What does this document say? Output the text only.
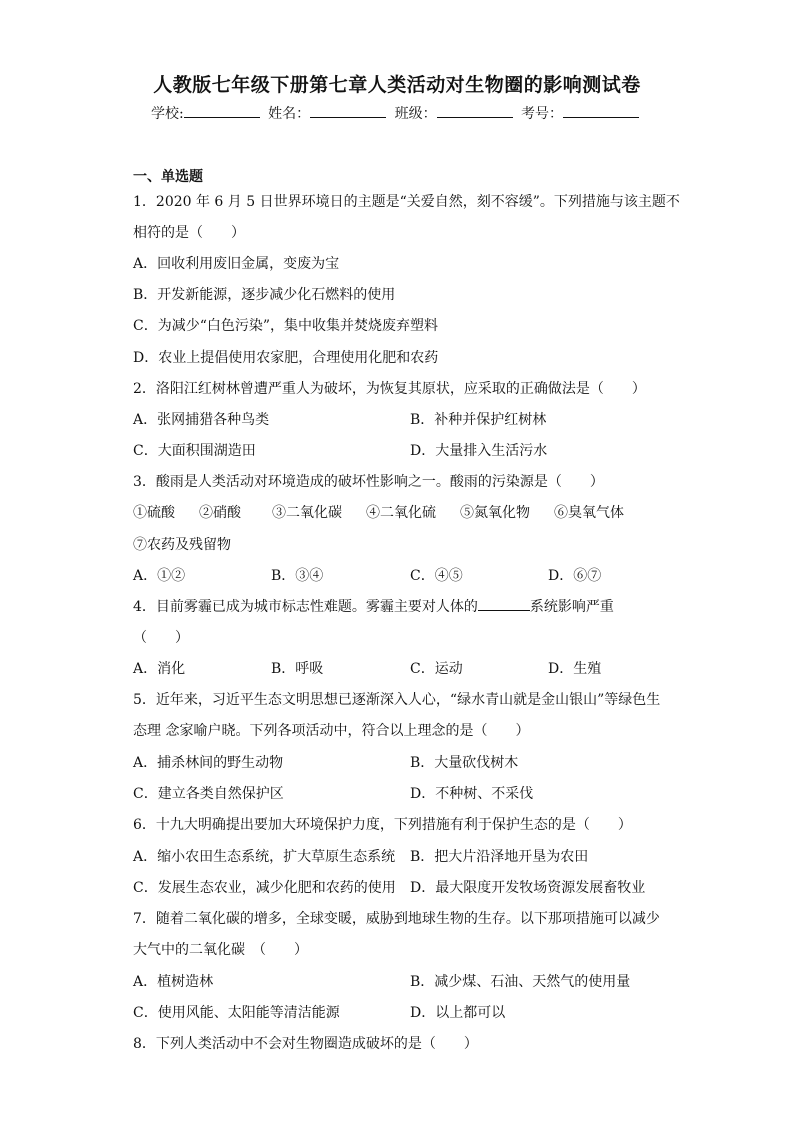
人教版七年级下册第七章人类活动对生物圈的影响测试卷
学校:	姓名：	班级：	考号：
一、单选题
1．2020 年 6 月 5 日世界环境日的主题是“关爱自然，刻不容缓”。下列措施与该主题不
相符的是（　　）
A．回收利用废旧金属，变废为宝
B．开发新能源，逐步减少化石燃料的使用
C．为减少“白色污染”，集中收集并焚烧废弃塑料
D．农业上提倡使用农家肥，合理使用化肥和农药
2．洛阳江红树林曾遭严重人为破坏，为恢复其原状，应采取的正确做法是（　　）
A．张网捕猎各种鸟类	B．补种并保护红树林
C．大面积围湖造田	D．大量排入生活污水
3．酸雨是人类活动对环境造成的破坏性影响之一。酸雨的污染源是（　　）
①硫酸 ②硝酸 ③二氧化碳 ④二氧化硫 ⑤氮氧化物 ⑥臭氧气体
⑦农药及残留物
A．①②	B．③④	C．④⑤	D．⑥⑦
4．目前雾霾已成为城市标志性难题。雾霾主要对人体的	系统影响严重
（　　）
A．消化	B．呼吸	C．运动	D．生殖
5．近年来，习近平生态文明思想已逐渐深入人心，“绿水青山就是金山银山”等绿色生
态理 念家喻户晓。下列各项活动中，符合以上理念的是（　　）
A．捕杀林间的野生动物	B．大量砍伐树木
C．建立各类自然保护区	D．不种树、不采伐
6．十九大明确提出要加大环境保护力度，下列措施有利于保护生态的是（　　）
A．缩小农田生态系统，扩大草原生态系统 B．把大片沿泽地开垦为农田
C．发展生态农业，减少化肥和农药的使用 D．最大限度开发牧场资源发展畜牧业
7．随着二氧化碳的增多，全球变暖，威胁到地球生物的生存。以下那项措施可以减少
大气中的二氧化碳　（　　）
A．植树造林	B．减少煤、石油、天然气的使用量
C．使用风能、太阳能等清洁能源	D．以上都可以
8．下列人类活动中不会对生物圈造成破坏的是（　　）
